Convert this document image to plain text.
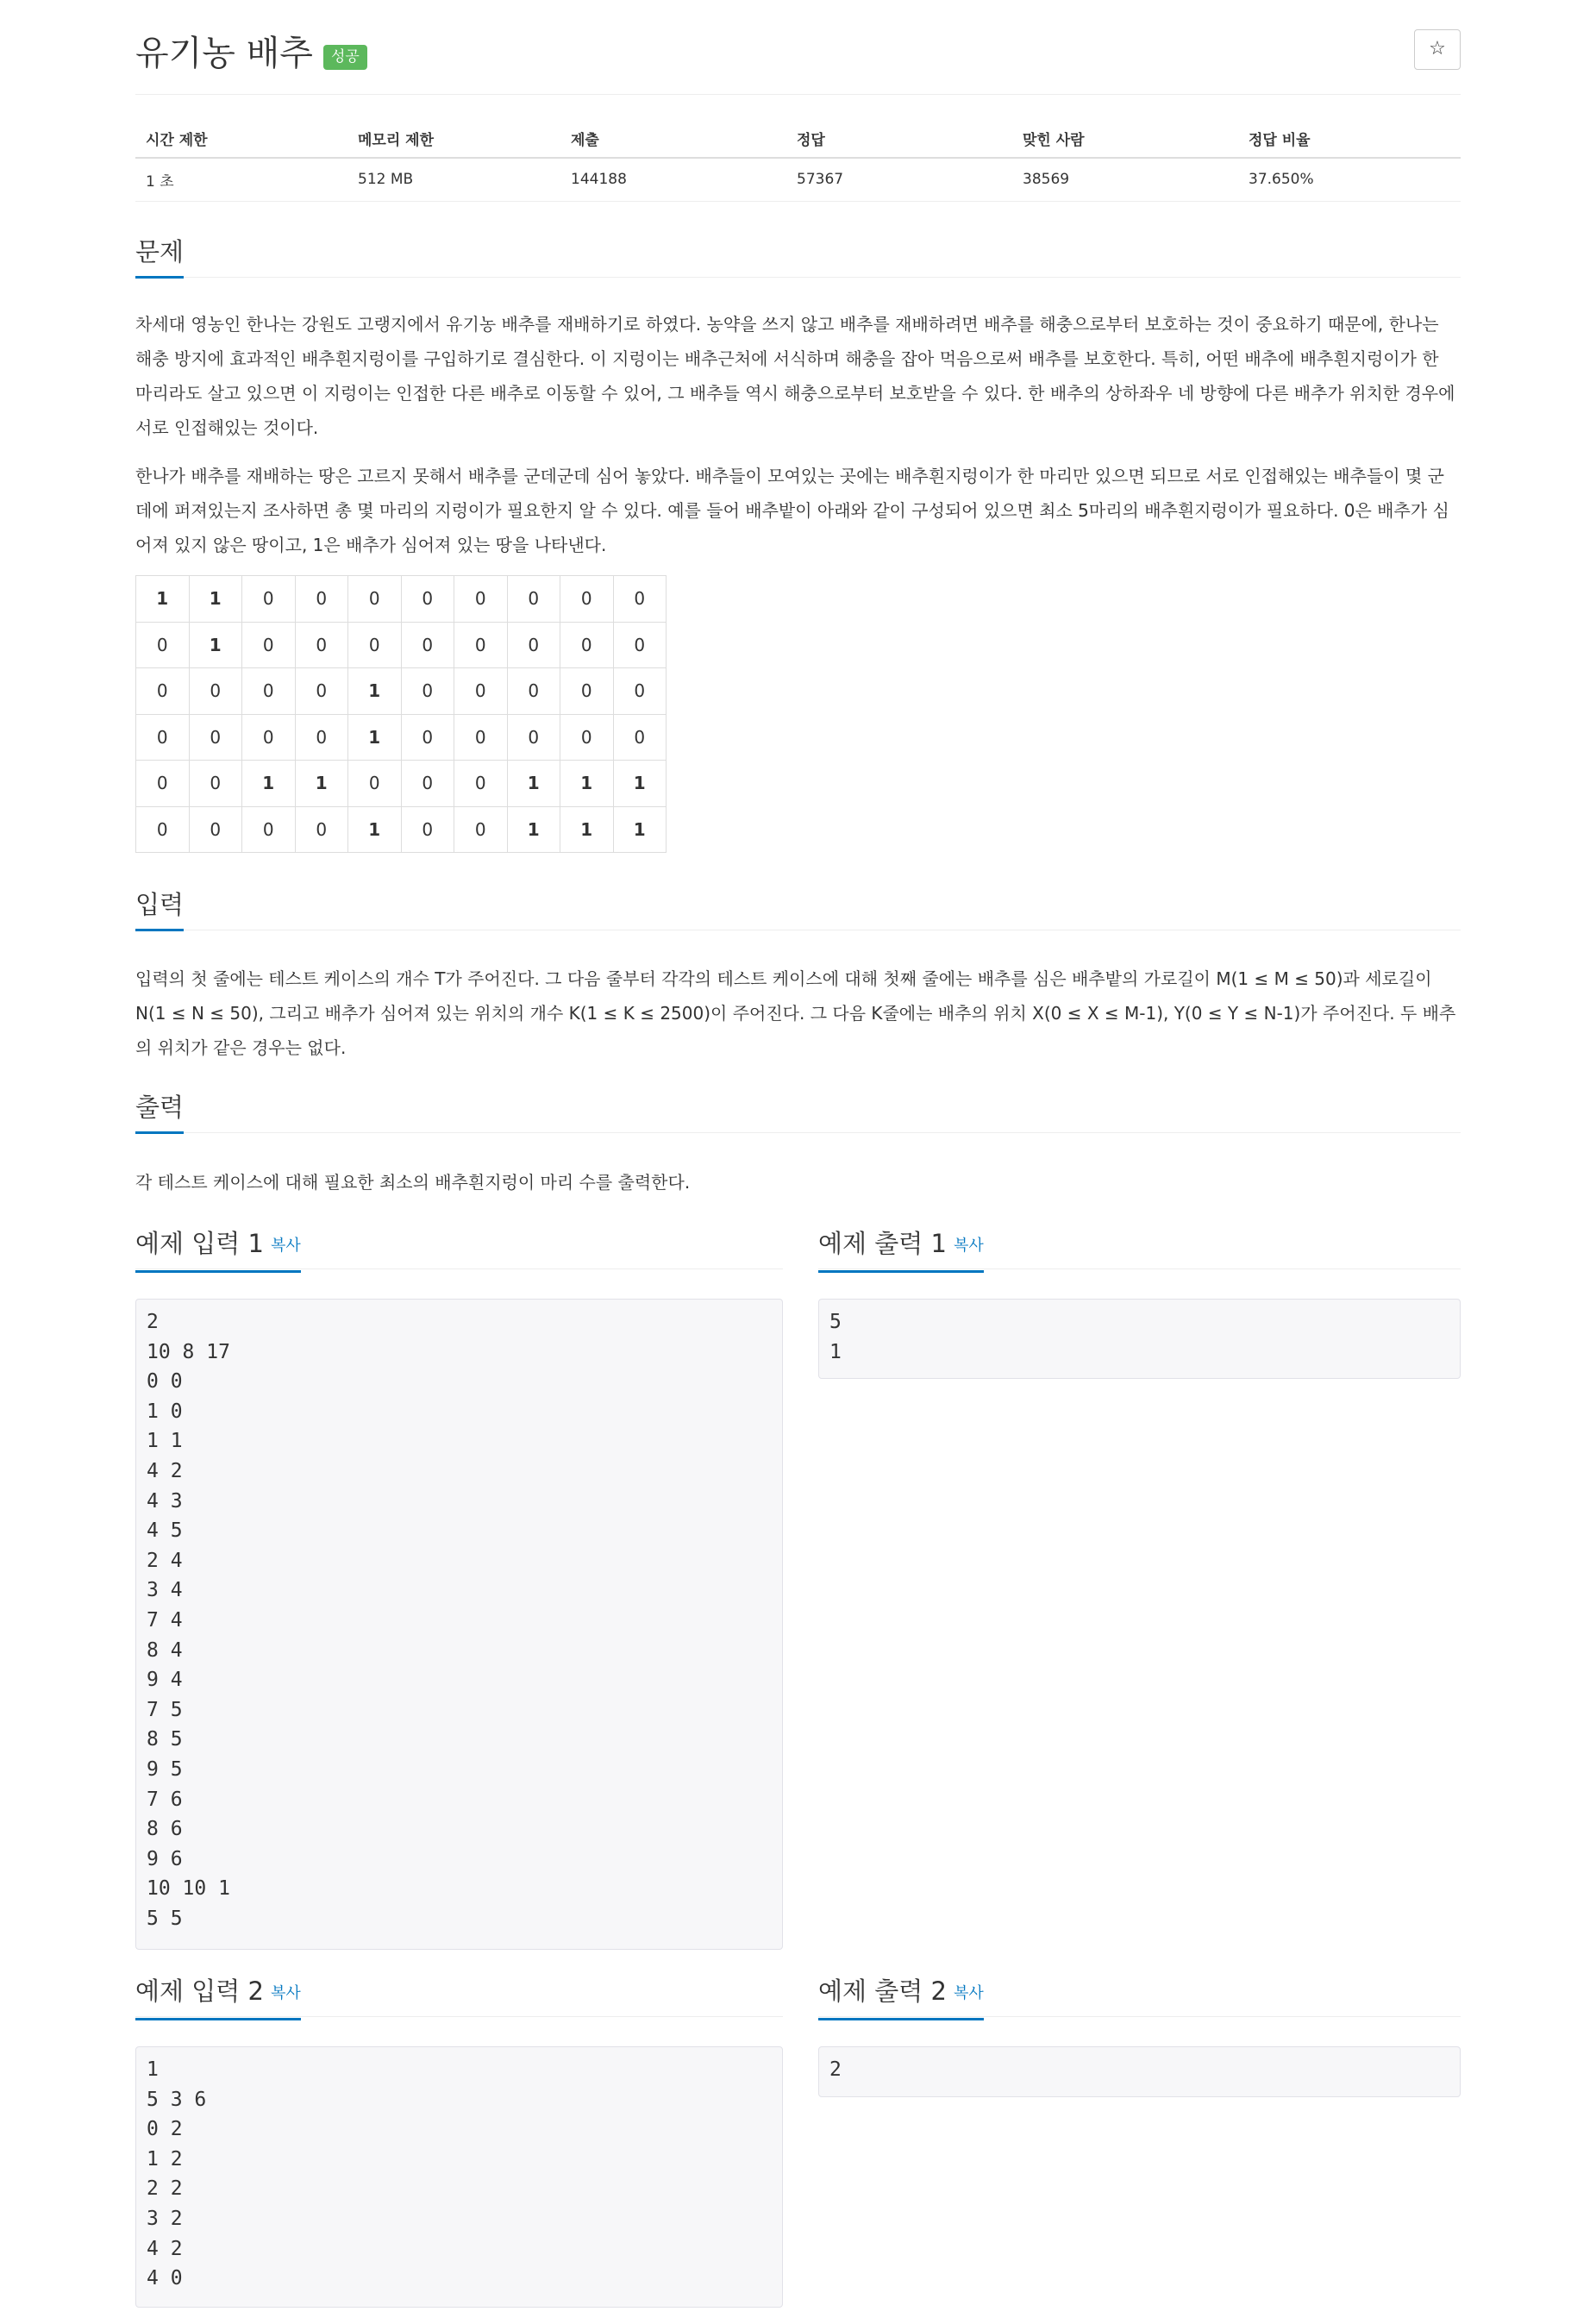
유기농 배추	성공	☆
시간 제한	메모리 제한	제출	정답	맞힌 사람	정답 비율
1 초	512 MB	144188	57367	38569	37.650%
문제

차세대 영농인 한나는 강원도 고랭지에서 유기농 배추를 재배하기로 하였다. 농약을 쓰지 않고 배추를 재배하려면 배추를 해충으로부터 보호하는 것이 중요하기 때문에, 한나는 해충 방지에 효과적인 배추흰지렁이를 구입하기로 결심한다. 이 지렁이는 배추근처에 서식하며 해충을 잡아 먹음으로써 배추를 보호한다. 특히, 어떤 배추에 배추흰지렁이가 한 마리라도 살고 있으면 이 지렁이는 인접한 다른 배추로 이동할 수 있어, 그 배추들 역시 해충으로부터 보호받을 수 있다. 한 배추의 상하좌우 네 방향에 다른 배추가 위치한 경우에 서로 인접해있는 것이다.

한나가 배추를 재배하는 땅은 고르지 못해서 배추를 군데군데 심어 놓았다. 배추들이 모여있는 곳에는 배추흰지렁이가 한 마리만 있으면 되므로 서로 인접해있는 배추들이 몇 군데에 퍼져있는지 조사하면 총 몇 마리의 지렁이가 필요한지 알 수 있다. 예를 들어 배추밭이 아래와 같이 구성되어 있으면 최소 5마리의 배추흰지렁이가 필요하다. 0은 배추가 심어져 있지 않은 땅이고, 1은 배추가 심어져 있는 땅을 나타낸다.

1	1	0	0	0	0	0	0	0	0
0	1	0	0	0	0	0	0	0	0
0	0	0	0	1	0	0	0	0	0
0	0	0	0	1	0	0	0	0	0
0	0	1	1	0	0	0	1	1	1
0	0	0	0	1	0	0	1	1	1
입력

입력의 첫 줄에는 테스트 케이스의 개수 T가 주어진다. 그 다음 줄부터 각각의 테스트 케이스에 대해 첫째 줄에는 배추를 심은 배추밭의 가로길이 M(1 ≤ M ≤ 50)과 세로길이 N(1 ≤ N ≤ 50), 그리고 배추가 심어져 있는 위치의 개수 K(1 ≤ K ≤ 2500)이 주어진다. 그 다음 K줄에는 배추의 위치 X(0 ≤ X ≤ M-1), Y(0 ≤ Y ≤ N-1)가 주어진다. 두 배추의 위치가 같은 경우는 없다.

출력

각 테스트 케이스에 대해 필요한 최소의 배추흰지렁이 마리 수를 출력한다.

예제 입력 1 복사	예제 출력 1 복사
2
10 8 17
0 0
1 0
1 1
4 2
4 3
4 5
2 4
3 4
7 4
8 4
9 4
7 5
8 5
9 5
7 6
8 6
9 6
10 10 1
5 5
5
1
예제 입력 2 복사	예제 출력 2 복사
1
5 3 6
0 2
1 2
2 2
3 2
4 2
4 0
2
